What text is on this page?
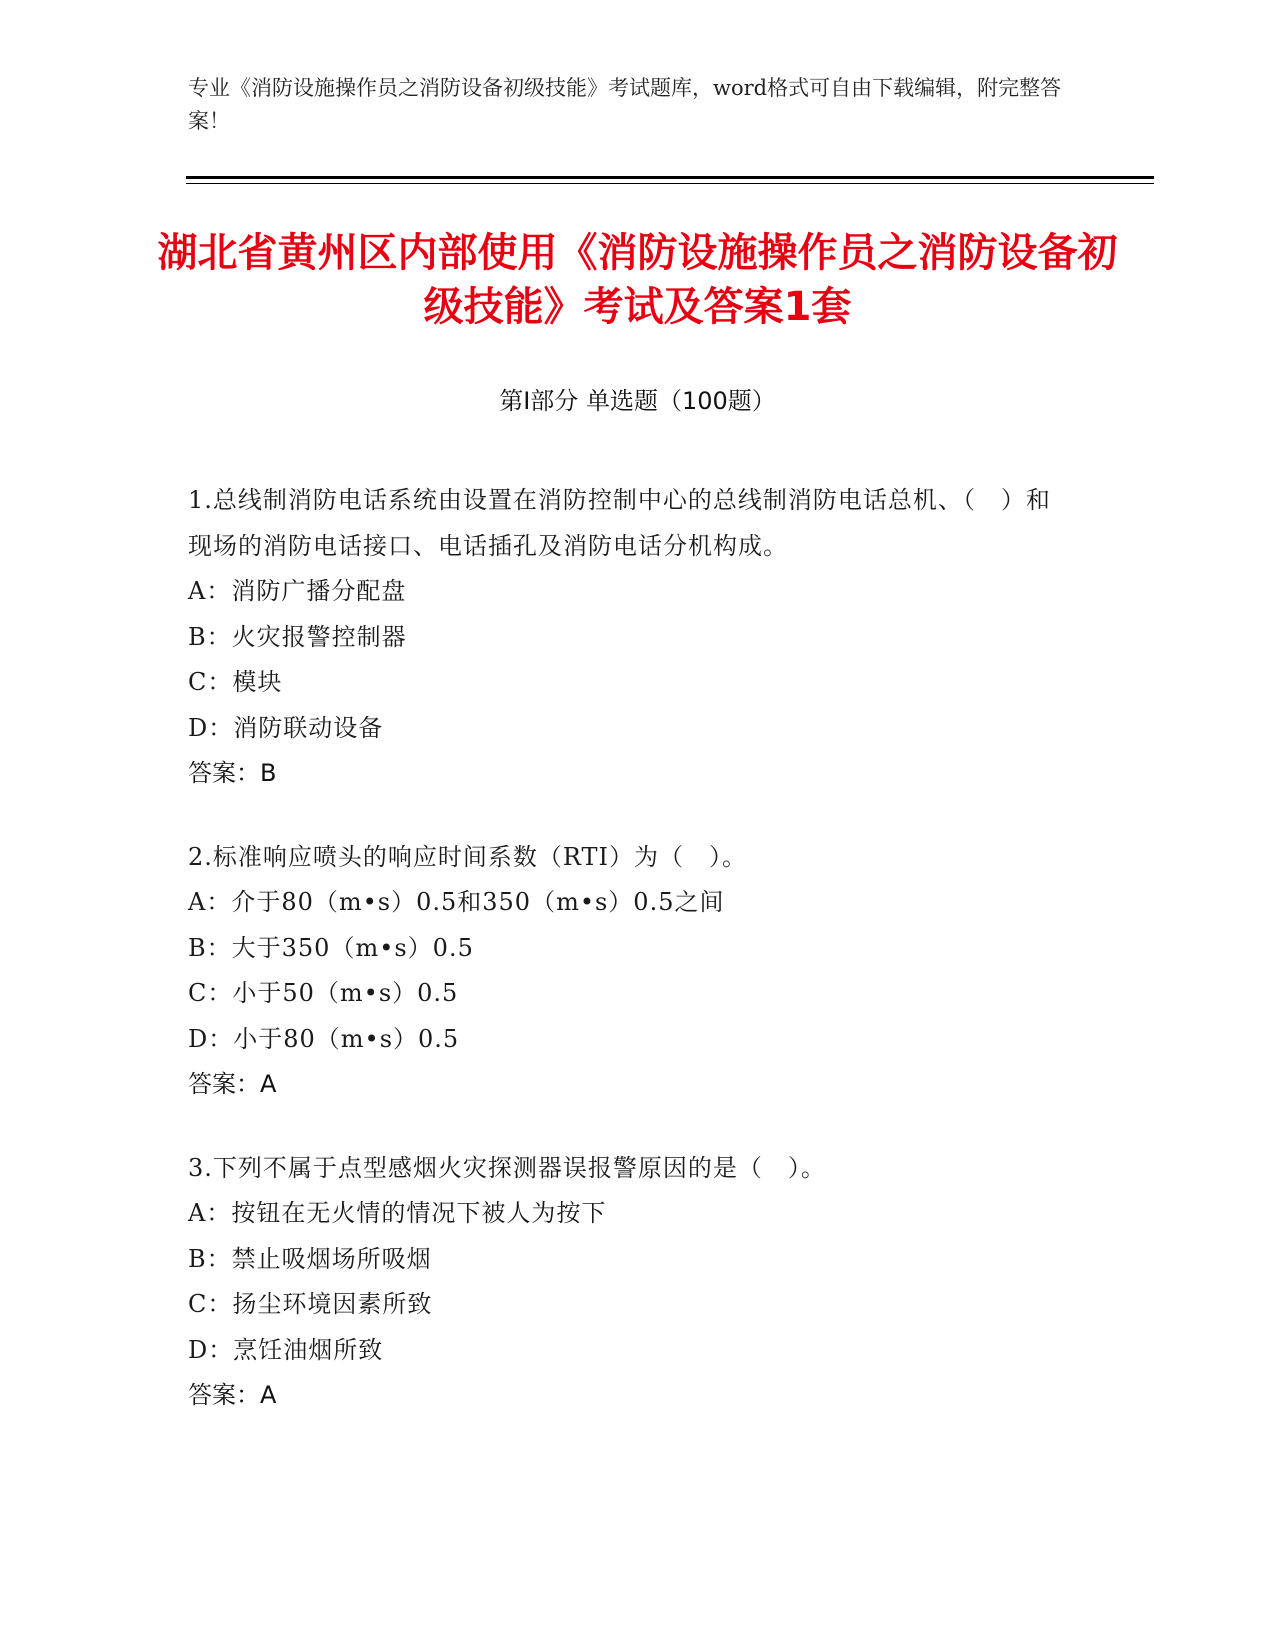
专业《消防设施操作员之消防设备初级技能》考试题库，word格式可自由下载编辑，附完整答案！
湖北省黄州区内部使用《消防设施操作员之消防设备初级技能》考试及答案1套
第I部分 单选题（100题）
1.总线制消防电话系统由设置在消防控制中心的总线制消防电话总机、（　）和现场的消防电话接口、电话插孔及消防电话分机构成。
A：消防广播分配盘
B：火灾报警控制器
C：模块
D：消防联动设备
答案：B
2.标准响应喷头的响应时间系数（RTI）为（　）。
A：介于80（m•s）0.5和350（m•s）0.5之间
B：大于350（m•s）0.5
C：小于50（m•s）0.5
D：小于80（m•s）0.5
答案：A
3.下列不属于点型感烟火灾探测器误报警原因的是（　）。
A：按钮在无火情的情况下被人为按下
B：禁止吸烟场所吸烟
C：扬尘环境因素所致
D：烹饪油烟所致
答案：A
